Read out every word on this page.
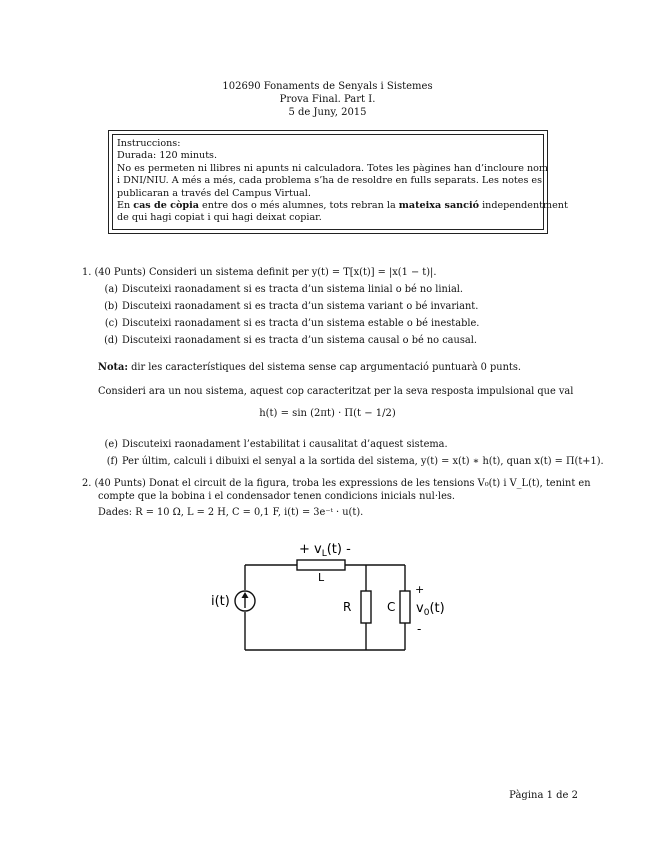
102690 Fonaments de Senyals i Sistemes
Prova Final. Part I.
5 de Juny, 2015
Instruccions:
Durada: 120 minuts.
No es permeten ni llibres ni apunts ni calculadora. Totes les pàgines han d’incloure nom
i DNI/NIU. A més a més, cada problema s’ha de resoldre en fulls separats. Les notes es
publicaran a través del Campus Virtual.
En cas de còpia entre dos o més alumnes, tots rebran la mateixa sanció independentment
de qui hagi copiat i qui hagi deixat copiar.
1. (40 Punts) Consideri un sistema definit per y(t) = T[x(t)] = |x(1 − t)|.
(a) Discuteixi raonadament si es tracta d’un sistema linial o bé no linial.
(b) Discuteixi raonadament si es tracta d’un sistema variant o bé invariant.
(c) Discuteixi raonadament si es tracta d’un sistema estable o bé inestable.
(d) Discuteixi raonadament si es tracta d’un sistema causal o bé no causal.
Nota: dir les característiques del sistema sense cap argumentació puntuarà 0 punts.
Consideri ara un nou sistema, aquest cop caracteritzat per la seva resposta impulsional que val
h(t) = sin (2πt) · Π(t − 1/2)
(e) Discuteixi raonadament l’estabilitat i causalitat d’aquest sistema.
(f) Per últim, calculi i dibuixi el senyal a la sortida del sistema, y(t) = x(t) ∗ h(t), quan x(t) = Π(t+1).
2. (40 Punts) Donat el circuit de la figura, troba les expressions de les tensions V₀(t) i V_L(t), tenint en
compte que la bobina i el condensador tenen condicions inicials nul·les.
Dades: R = 10 Ω, L = 2 H, C = 0,1 F, i(t) = 3e⁻ᵗ · u(t).
+ $v_L(t)$ -
L
R	C
i(t)
+
$v_0(t)$
-
Pàgina 1 de 2
